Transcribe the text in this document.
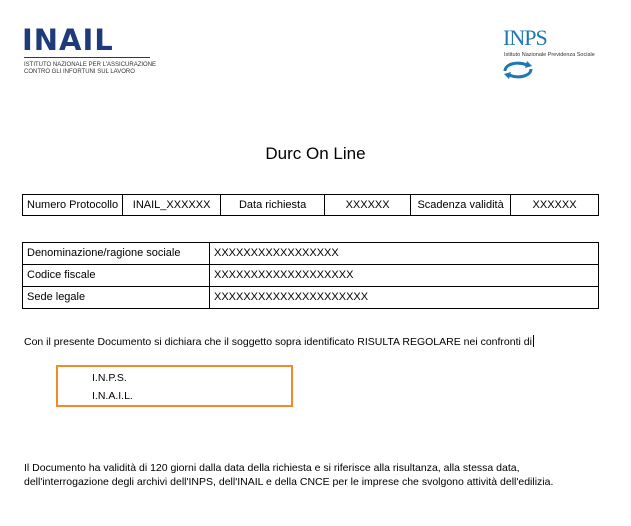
INAIL
ISTITUTO NAZIONALE PER L'ASSICURAZIONE
CONTRO GLI INFORTUNI SUL LAVORO
INPS
Istituto Nazionale Previdenza Sociale
Durc On Line
Numero Protocollo	INAIL_XXXXXX	Data richiesta	XXXXXX	Scadenza validità	XXXXXX
Denominazione/ragione sociale	XXXXXXXXXXXXXXXXX
Codice fiscale	XXXXXXXXXXXXXXXXXXX
Sede legale	XXXXXXXXXXXXXXXXXXXXX
Con il presente Documento si dichiara che il soggetto sopra identificato RISULTA REGOLARE nei confronti di
I.N.P.S.
I.N.A.I.L.
Il Documento ha validità di 120 giorni dalla data della richiesta e si riferisce alla risultanza, alla stessa data,
dell'interrogazione degli archivi dell'INPS, dell'INAIL e della CNCE per le imprese che svolgono attività dell'edilizia.
